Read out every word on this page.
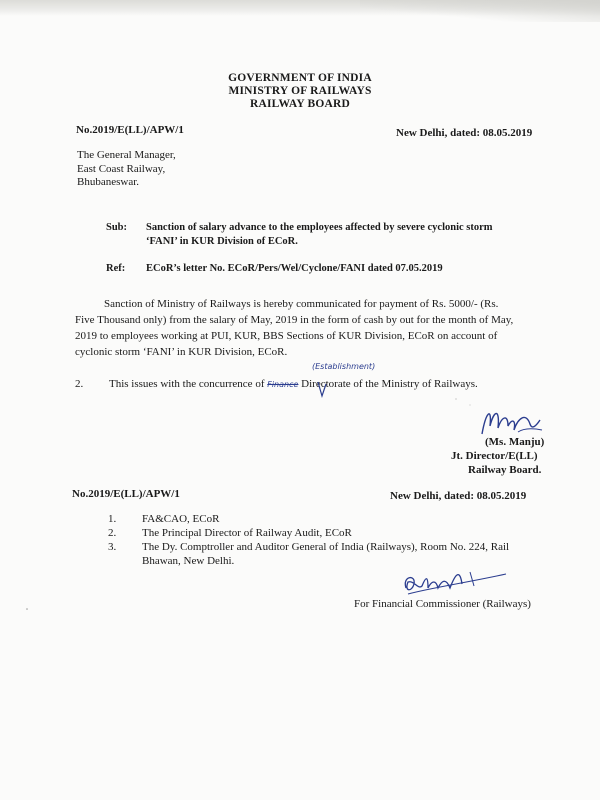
GOVERNMENT OF INDIA
MINISTRY OF RAILWAYS
RAILWAY BOARD
No.2019/E(LL)/APW/1	New Delhi, dated: 08.05.2019
The General Manager,
East Coast Railway,
Bhubaneswar.
Sub: Sanction of salary advance to the employees affected by severe cyclonic storm
‘FANI’ in KUR Division of ECoR.
Ref: ECoR’s letter No. ECoR/Pers/Wel/Cyclone/FANI dated 07.05.2019
Sanction of Ministry of Railways is hereby communicated for payment of Rs. 5000/- (Rs.
Five Thousand only) from the salary of May, 2019 in the form of cash by out for the month of May,
2019 to employees working at PUI, KUR, BBS Sections of KUR Division, ECoR on account of
cyclonic storm ‘FANI’ in KUR Division, ECoR.
2. This issues with the concurrence of Finance Directorate of the Ministry of Railways.
(Establishment)
(Ms. Manju)
Jt. Director/E(LL)
Railway Board.
No.2019/E(LL)/APW/1	New Delhi, dated: 08.05.2019
1. FA&CAO, ECoR
2. The Principal Director of Railway Audit, ECoR
3. The Dy. Comptroller and Auditor General of India (Railways), Room No. 224, Rail
Bhawan, New Delhi.
For Financial Commissioner (Railways)
